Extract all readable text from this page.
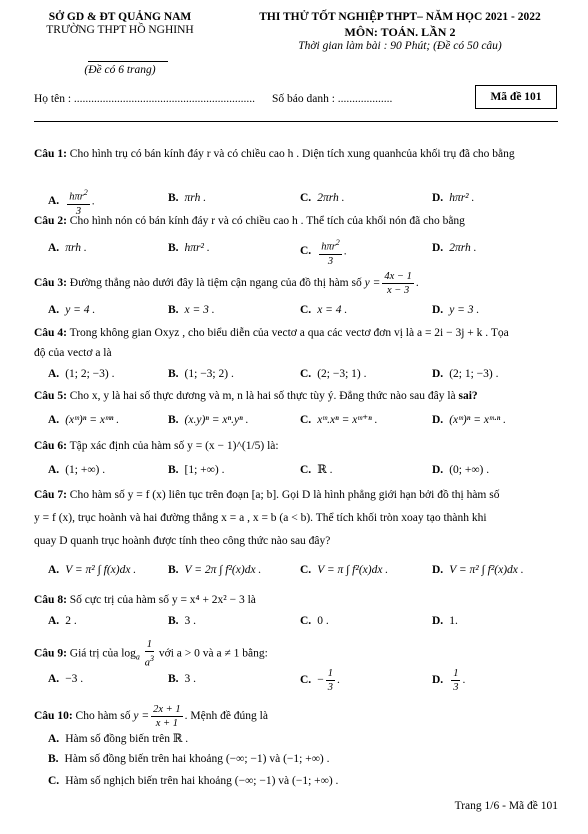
SỞ GD & ĐT QUẢNG NAM
TRƯỜNG THPT HỒ NGHINH
(Đề có 6 trang)
THI THỬ TỐT NGHIỆP THPT– NĂM HỌC 2021 - 2022
MÔN: TOÁN. LẦN 2
Thời gian làm bài : 90 Phút; (Đề có 50 câu)
Họ tên : ............................................................... Số báo danh : ...................	Mã đề 101
Câu 1: Cho hình trụ có bán kính đáy r và có chiều cao h . Diện tích xung quanhcủa khối trụ đã cho bằng
A. $\frac{h\pi r^2}{3}$ .	B. πrh .	C. 2πrh .	D. hπr² .
Câu 2: Cho hình nón có bán kính đáy r và có chiều cao h . Thể tích của khối nón đã cho bằng
A. πrh .	B. hπr² .	C. $\frac{h\pi r^2}{3}$ .	D. 2πrh .
Câu 3: Đường thẳng nào dưới đây là tiệm cận ngang của đồ thị hàm số $y = \frac{4x - 1}{x - 3}$ .
A. y = 4 .	B. x = 3 .	C. x = 4 .	D. y = 3 .
Câu 4: Trong không gian Oxyz , cho biểu diễn của vectơ a qua các vectơ đơn vị là a = 2i − 3j + k . Tọa
độ của vectơ a là
A. (1; 2; −3) .	B. (1; −3; 2) .	C. (2; −3; 1) .	D. (2; 1; −3) .
Câu 5: Cho x, y là hai số thực dương và m, n là hai số thực tùy ý. Đẳng thức nào sau đây là sai?
A. (xᵐ)ⁿ = xᵐⁿ .	B. (x.y)ⁿ = xⁿ.yⁿ .	C. xᵐ.xⁿ = xᵐ⁺ⁿ .	D. (xᵐ)ⁿ = xᵐ·ⁿ .
Câu 6: Tập xác định của hàm số y = (x − 1)^(1/5) là:
A. (1; +∞) .	B. [1; +∞) .	C. ℝ .	D. (0; +∞) .
Câu 7: Cho hàm số y = f (x) liên tục trên đoạn [a; b]. Gọi D là hình phẳng giới hạn bởi đồ thị hàm số
y = f (x), trục hoành và hai đường thẳng x = a , x = b (a < b). Thể tích khối tròn xoay tạo thành khi
quay D quanh trục hoành được tính theo công thức nào sau đây?
A. V = π² ∫ f(x)dx .	B. V = 2π ∫ f²(x)dx .	C. V = π ∫ f²(x)dx .	D. V = π² ∫ f²(x)dx .
Câu 8: Số cực trị của hàm số y = x⁴ + 2x² − 3 là
A. 2 .	B. 3 .	C. 0 .	D. 1.
Câu 9: Giá trị của $\log_a \frac{1}{a^3}$ với a > 0 và a ≠ 1 bằng:
A. −3 .	B. 3 .	C. − $\frac{1}{3}$ .	D. $\frac{1}{3}$ .
Câu 10: Cho hàm số $y = \frac{2x + 1}{x + 1}$ . Mệnh đề đúng là
A. Hàm số đồng biến trên ℝ .
B. Hàm số đồng biến trên hai khoảng (−∞; −1) và (−1; +∞) .
C. Hàm số nghịch biến trên hai khoảng (−∞; −1) và (−1; +∞) .
Trang 1/6 - Mã đề 101
